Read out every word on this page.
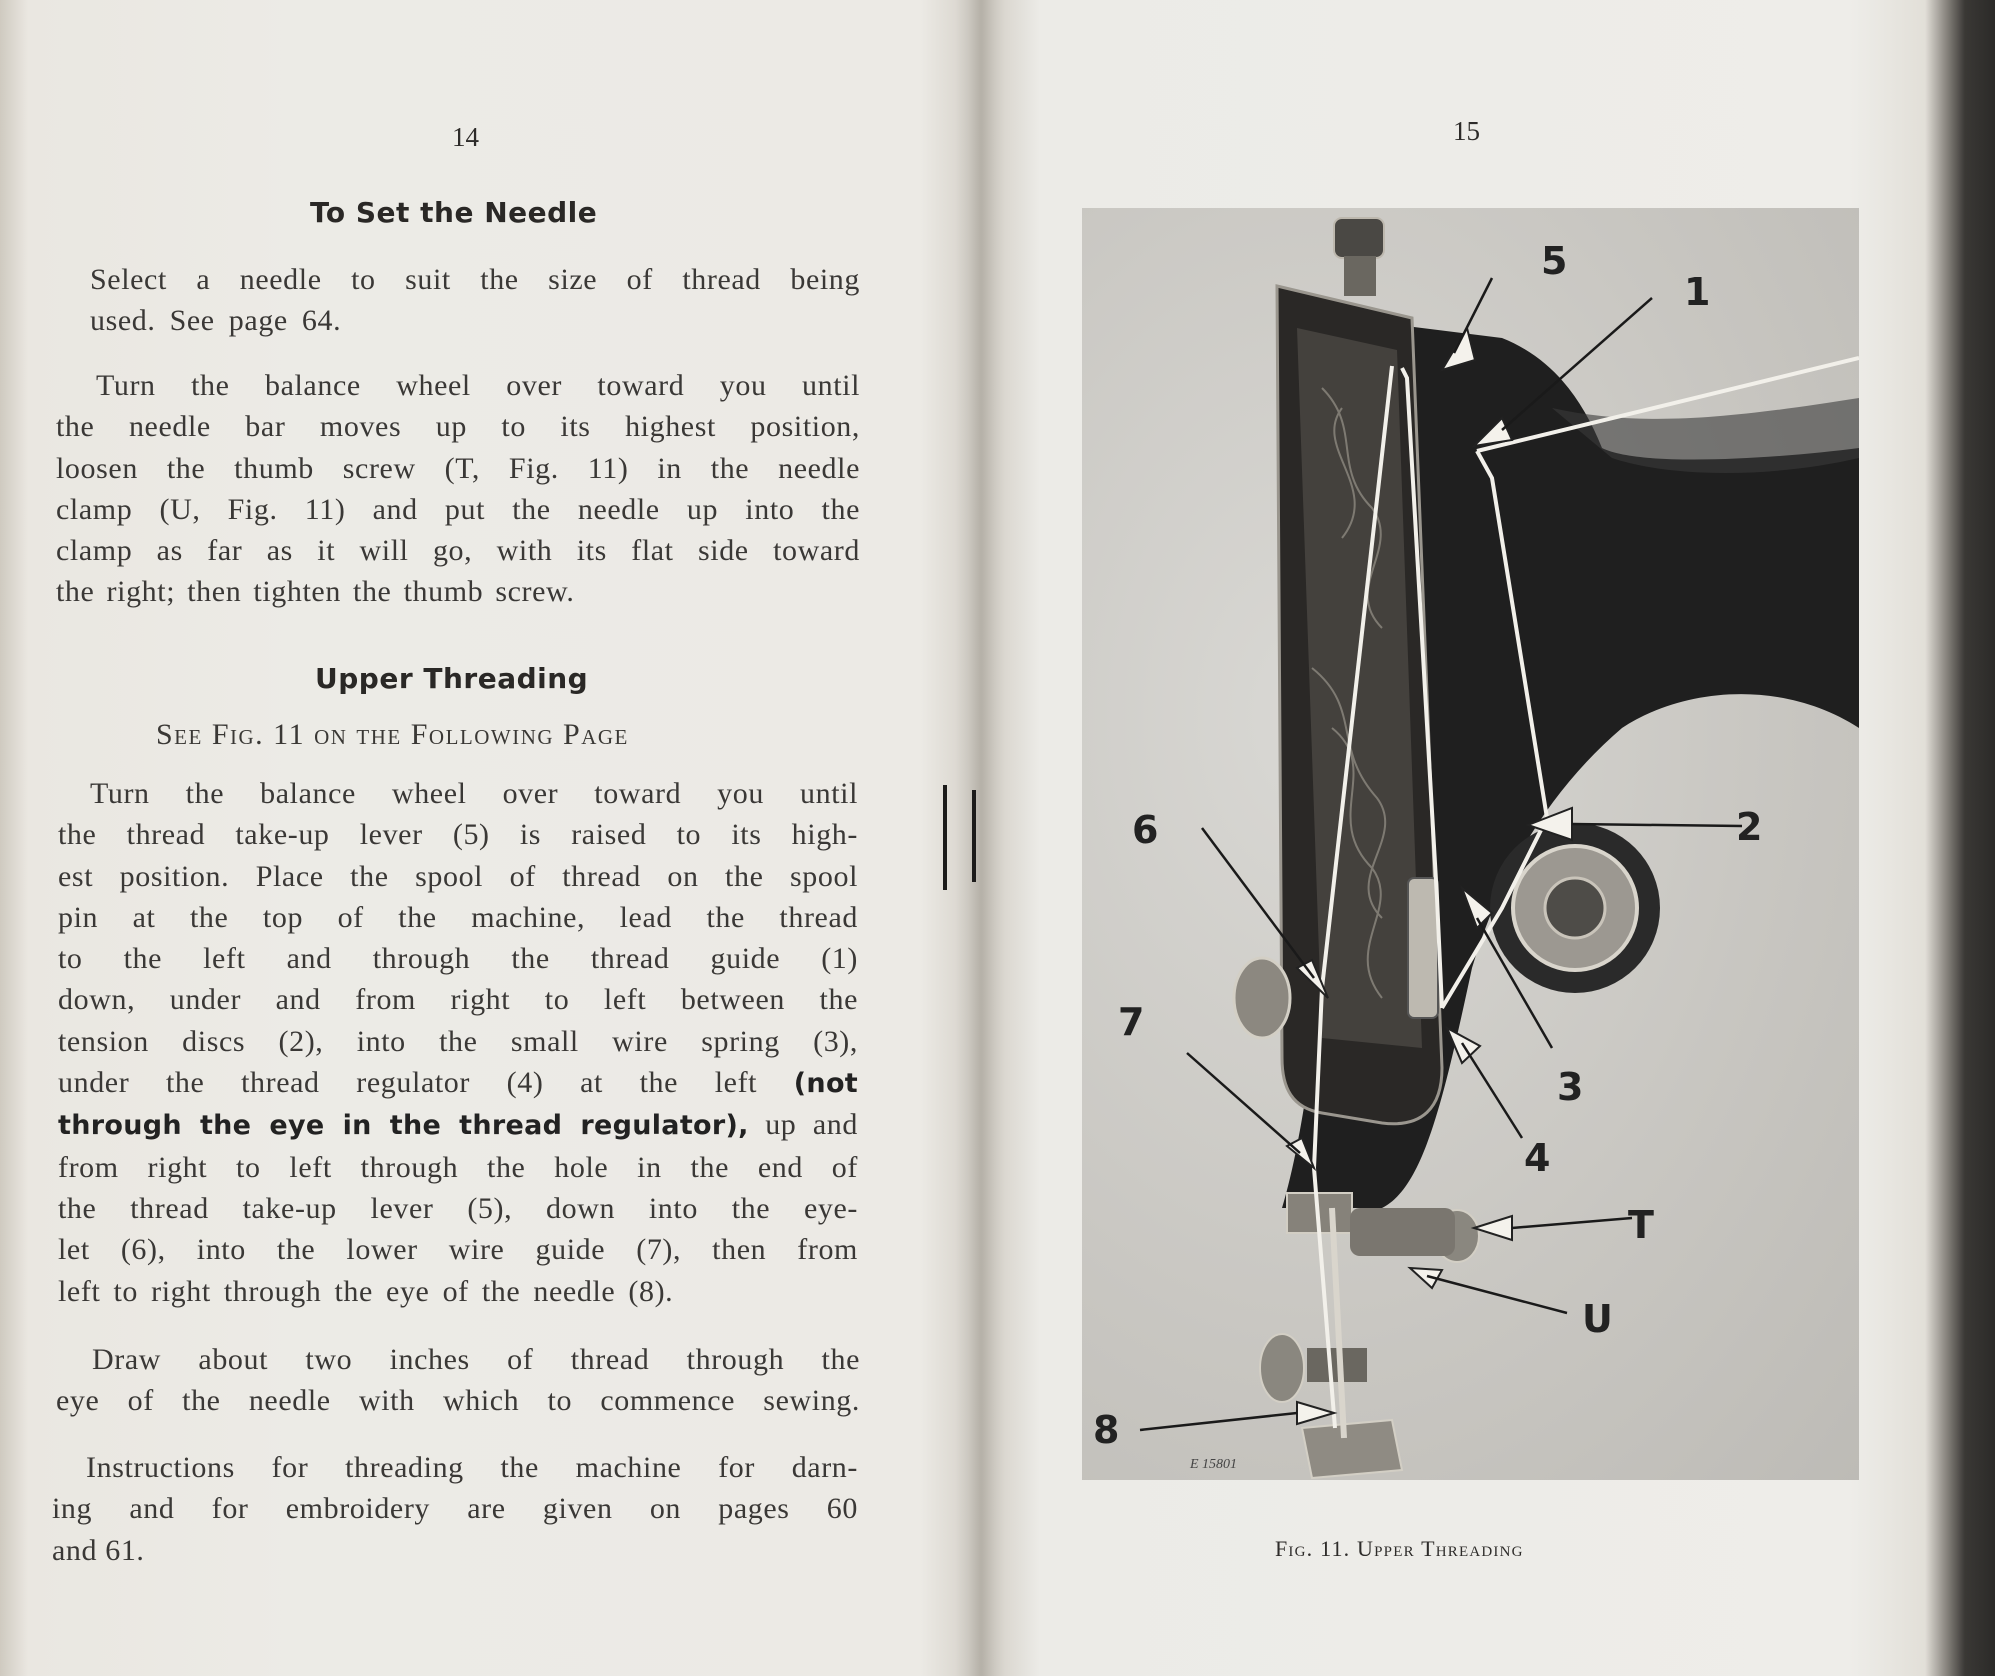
14
To Set the Needle
Select a needle to suit the size of thread being
used. See page 64.
Turn the balance wheel over toward you until
the needle bar moves up to its highest position,
loosen the thumb screw (T, Fig. 11) in the needle
clamp (U, Fig. 11) and put the needle up into the
clamp as far as it will go, with its flat side toward
the right; then tighten the thumb screw.
Upper Threading
See Fig. 11 on the Following Page
Turn the balance wheel over toward you until
the thread take-up lever (5) is raised to its high-
est position. Place the spool of thread on the spool
pin at the top of the machine, lead the thread
to the left and through the thread guide (1)
down, under and from right to left between the
tension discs (2), into the small wire spring (3),
under the thread regulator (4) at the left (not
through the eye in the thread regulator), up and
from right to left through the hole in the end of
the thread take-up lever (5), down into the eye-
let (6), into the lower wire guide (7), then from
left to right through the eye of the needle (8).
Draw about two inches of thread through the
eye of the needle with which to commence sewing.
Instructions for threading the machine for darn-
ing and for embroidery are given on pages 60
and 61.
15
5
1
6	2
7
3
4
T
U
8
E 15801
Fig. 11. Upper Threading
